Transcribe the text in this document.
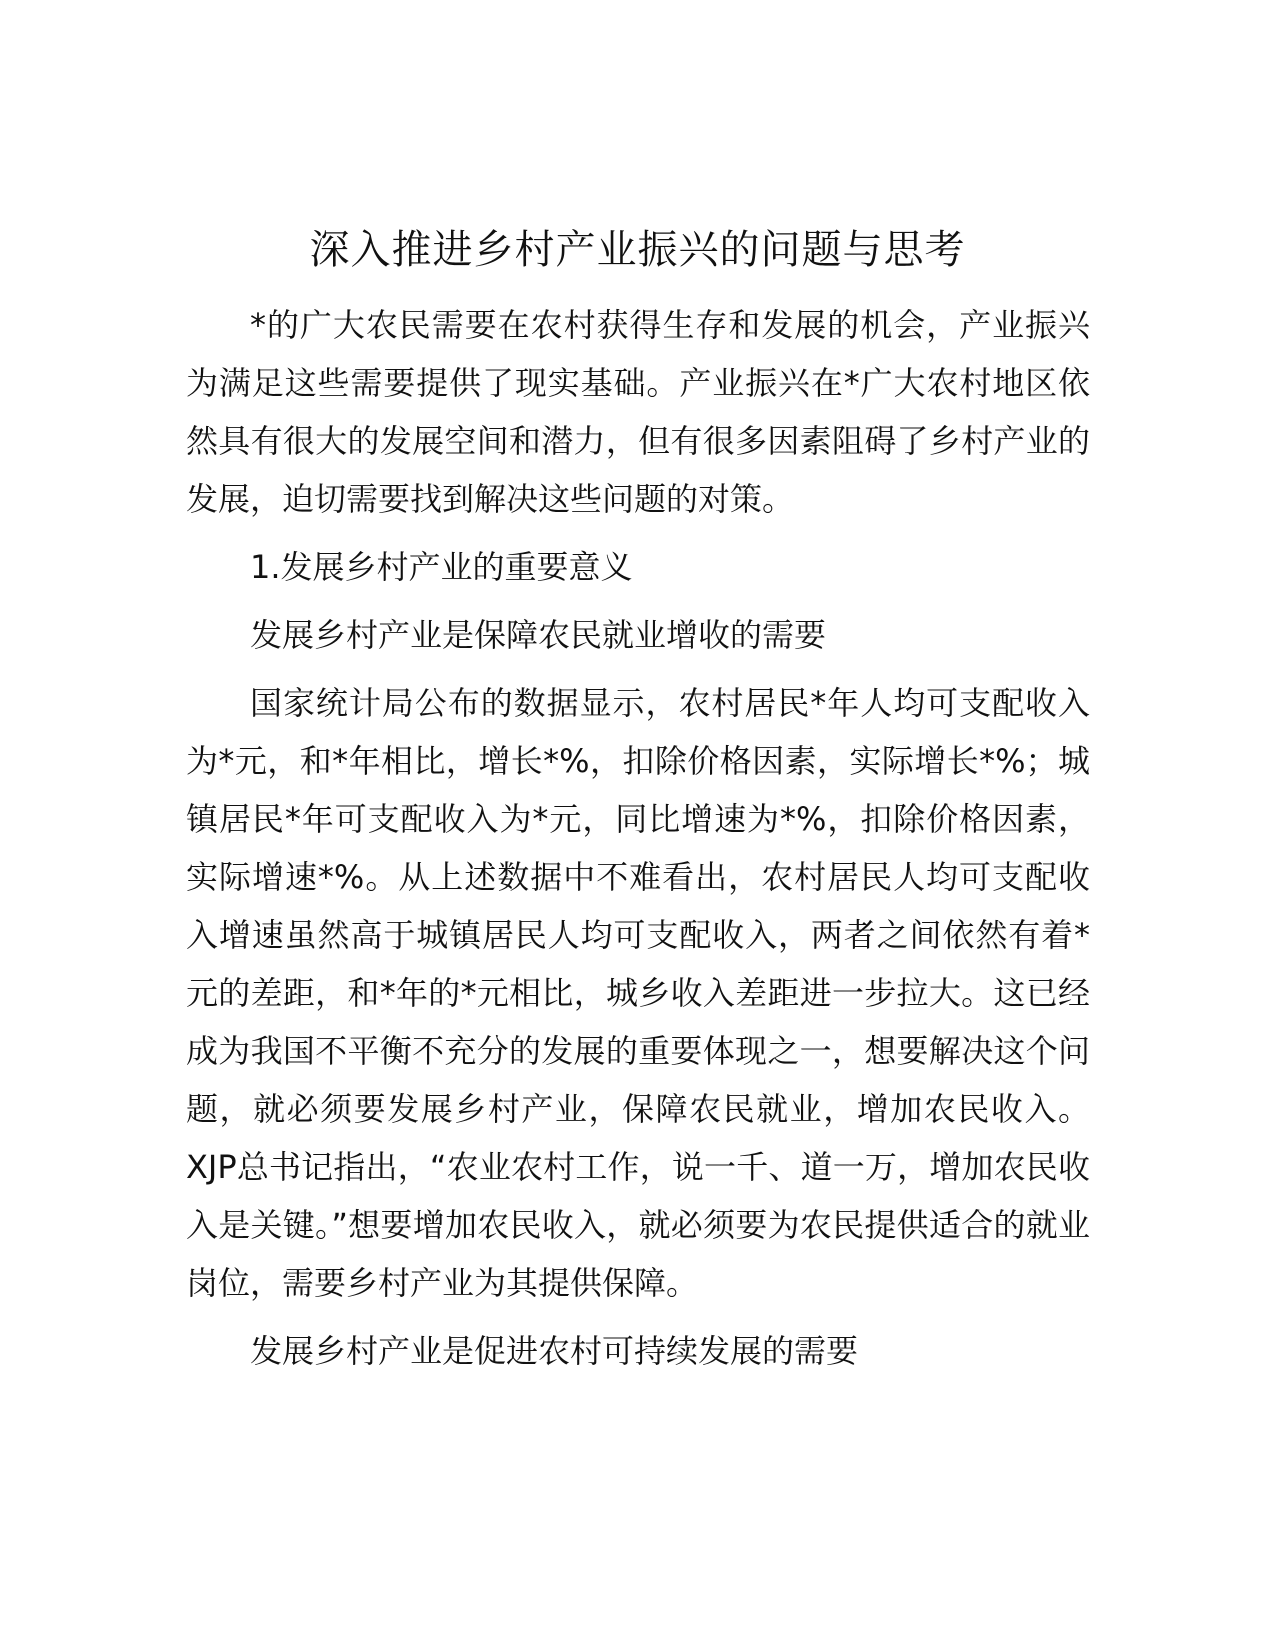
深入推进乡村产业振兴的问题与思考

*的广大农民需要在农村获得生存和发展的机会，产业振兴为满足这些需要提供了现实基础。产业振兴在*广大农村地区依然具有很大的发展空间和潜力，但有很多因素阻碍了乡村产业的发展，迫切需要找到解决这些问题的对策。

1.发展乡村产业的重要意义

发展乡村产业是保障农民就业增收的需要

国家统计局公布的数据显示，农村居民*年人均可支配收入为*元，和*年相比，增长*%，扣除价格因素，实际增长*%；城镇居民*年可支配收入为*元，同比增速为*%，扣除价格因素，实际增速*%。从上述数据中不难看出，农村居民人均可支配收入增速虽然高于城镇居民人均可支配收入，两者之间依然有着*元的差距，和*年的*元相比，城乡收入差距进一步拉大。这已经成为我国不平衡不充分的发展的重要体现之一，想要解决这个问题，就必须要发展乡村产业，保障农民就业，增加农民收入。XJP总书记指出，“农业农村工作，说一千、道一万，增加农民收入是关键。”想要增加农民收入，就必须要为农民提供适合的就业岗位，需要乡村产业为其提供保障。

发展乡村产业是促进农村可持续发展的需要
